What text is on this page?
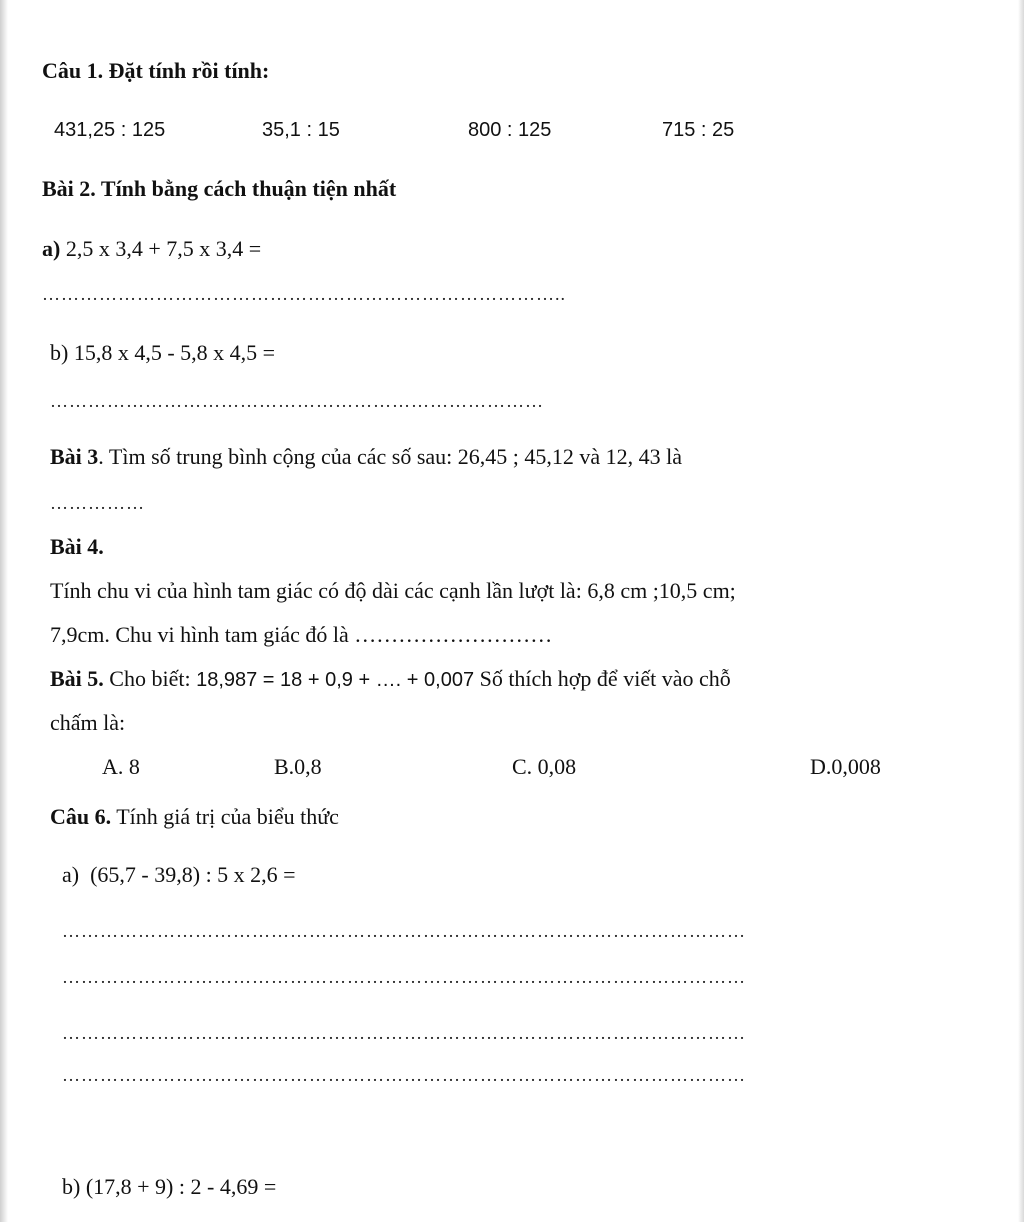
Câu 1. Đặt tính rồi tính:
431,25 : 125	35,1 : 15	800 : 125	715 : 25
Bài 2. Tính bằng cách thuận tiện nhất
a) 2,5 x 3,4 + 7,5 x 3,4 =
………………………………………………………………………..
b) 15,8 x 4,5 - 5,8 x 4,5 =
……………………………………………………………………
Bài 3. Tìm số trung bình cộng của các số sau: 26,45 ; 45,12 và 12, 43 là
……………
Bài 4.
Tính chu vi của hình tam giác có độ dài các cạnh lần lượt là: 6,8 cm ;10,5 cm;
7,9cm. Chu vi hình tam giác đó là ………………………
Bài 5. Cho biết: 18,987 = 18 + 0,9 + …. + 0,007 Số thích hợp để viết vào chỗ
chấm là:
A. 8	B.0,8	C. 0,08	D.0,008
Câu 6. Tính giá trị của biểu thức
a) (65,7 - 39,8) : 5 x 2,6 =
………………………………………………………………………………………………
………………………………………………………………………………………………
………………………………………………………………………………………………
………………………………………………………………………………………………
b) (17,8 + 9) : 2 - 4,69 =
